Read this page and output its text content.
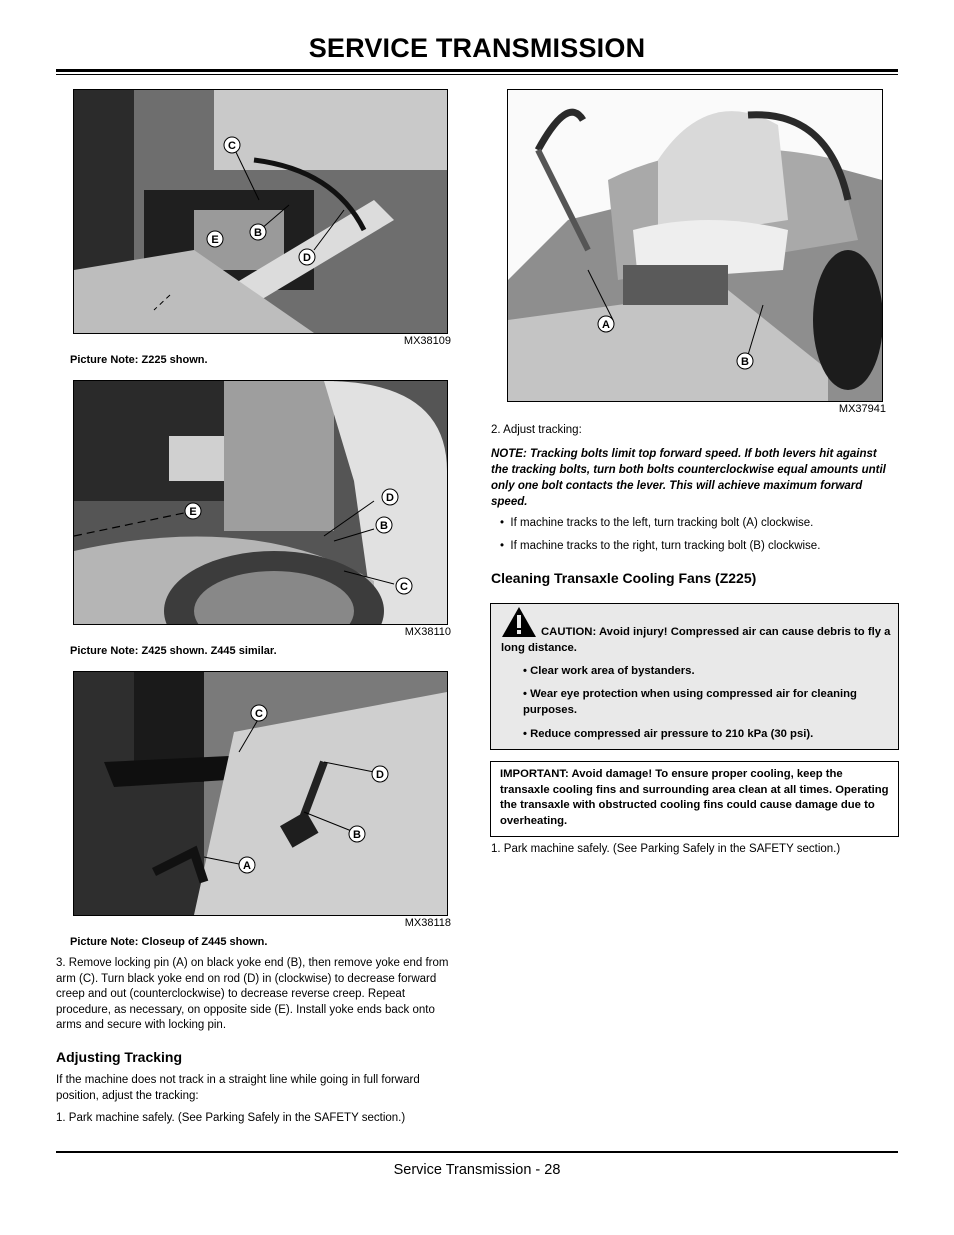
SERVICE TRANSMISSION
C
E
B
D
MX38109
Picture Note: Z225 shown.
D
E
B
C
MX38110
Picture Note: Z425 shown. Z445 similar.
C
D
B
A
MX38118
Picture Note: Closeup of Z445 shown.
3. Remove locking pin (A) on black yoke end (B), then remove yoke end from arm (C). Turn black yoke end on rod (D) in (clockwise) to decrease forward creep and out (counterclockwise) to decrease reverse creep. Repeat procedure, as necessary, on opposite side (E). Install yoke ends back onto arms and secure with locking pin.
Adjusting Tracking
If the machine does not track in a straight line while going in full forward position, adjust the tracking:
1. Park machine safely. (See Parking Safely in the SAFETY section.)
A
B
MX37941
2. Adjust tracking:
NOTE: Tracking bolts limit top forward speed. If both levers hit against the tracking bolts, turn both bolts counterclockwise equal amounts until only one bolt contacts the lever. This will achieve maximum forward speed.
•  If machine tracks to the left, turn tracking bolt (A) clockwise.
•  If machine tracks to the right, turn tracking bolt (B) clockwise.
Cleaning Transaxle Cooling Fans (Z225)
CAUTION: Avoid injury! Compressed air can cause debris to fly a long distance.
• Clear work area of bystanders.
• Wear eye protection when using compressed air for cleaning purposes.
• Reduce compressed air pressure to 210 kPa (30 psi).
IMPORTANT: Avoid damage! To ensure proper cooling, keep the transaxle cooling fins and surrounding area clean at all times. Operating the transaxle with obstructed cooling fins could cause damage due to overheating.
1. Park machine safely. (See Parking Safely in the SAFETY section.)
Service Transmission - 28
